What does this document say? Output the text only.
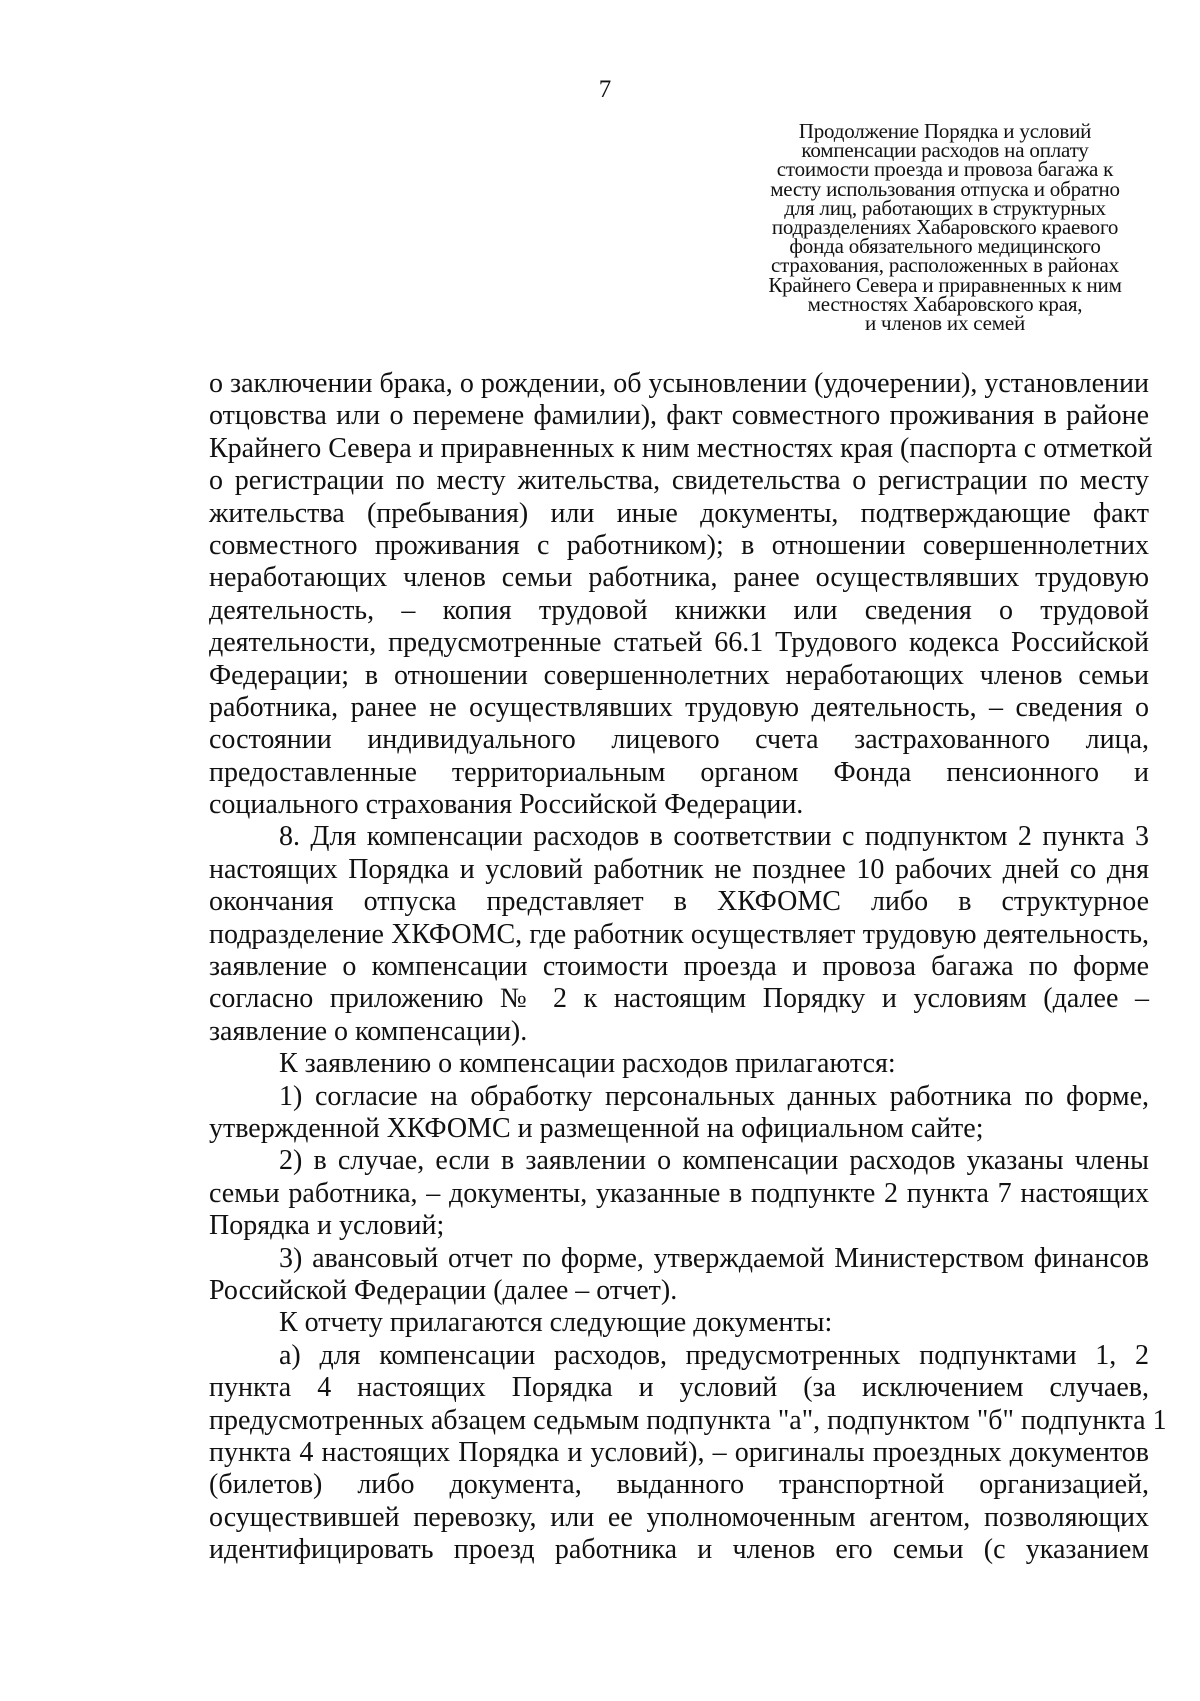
7
Продолжение Порядка и условий
компенсации расходов на оплату
стоимости проезда и провоза багажа к
месту использования отпуска и обратно
для лиц, работающих в структурных
подразделениях Хабаровского краевого
фонда обязательного медицинского
страхования, расположенных в районах
Крайнего Севера и приравненных к ним
местностях Хабаровского края,
и членов их семей
о заключении брака, о рождении, об усыновлении (удочерении), установлении
отцовства или о перемене фамилии), факт совместного проживания в районе
Крайнего Севера и приравненных к ним местностях края (паспорта с отметкой
о регистрации по месту жительства, свидетельства о регистрации по месту
жительства (пребывания) или иные документы, подтверждающие факт
совместного проживания с работником); в отношении совершеннолетних
неработающих членов семьи работника, ранее осуществлявших трудовую
деятельность, – копия трудовой книжки или сведения о трудовой
деятельности, предусмотренные статьей 66.1 Трудового кодекса Российской
Федерации; в отношении совершеннолетних неработающих членов семьи
работника, ранее не осуществлявших трудовую деятельность, – сведения о
состоянии индивидуального лицевого счета застрахованного лица,
предоставленные территориальным органом Фонда пенсионного и
социального страхования Российской Федерации.
8. Для компенсации расходов в соответствии с подпунктом 2 пункта 3
настоящих Порядка и условий работник не позднее 10 рабочих дней со дня
окончания отпуска представляет в ХКФОМС либо в структурное
подразделение ХКФОМС, где работник осуществляет трудовую деятельность,
заявление о компенсации стоимости проезда и провоза багажа по форме
согласно приложению № 2 к настоящим Порядку и условиям (далее –
заявление о компенсации).
К заявлению о компенсации расходов прилагаются:
1) согласие на обработку персональных данных работника по форме,
утвержденной ХКФОМС и размещенной на официальном сайте;
2) в случае, если в заявлении о компенсации расходов указаны члены
семьи работника, – документы, указанные в подпункте 2 пункта 7 настоящих
Порядка и условий;
3) авансовый отчет по форме, утверждаемой Министерством финансов
Российской Федерации (далее – отчет).
К отчету прилагаются следующие документы:
а) для компенсации расходов, предусмотренных подпунктами 1, 2
пункта 4 настоящих Порядка и условий (за исключением случаев,
предусмотренных абзацем седьмым подпункта "а", подпунктом "б" подпункта 1
пункта 4 настоящих Порядка и условий), – оригиналы проездных документов
(билетов) либо документа, выданного транспортной организацией,
осуществившей перевозку, или ее уполномоченным агентом, позволяющих
идентифицировать проезд работника и членов его семьи (с указанием
